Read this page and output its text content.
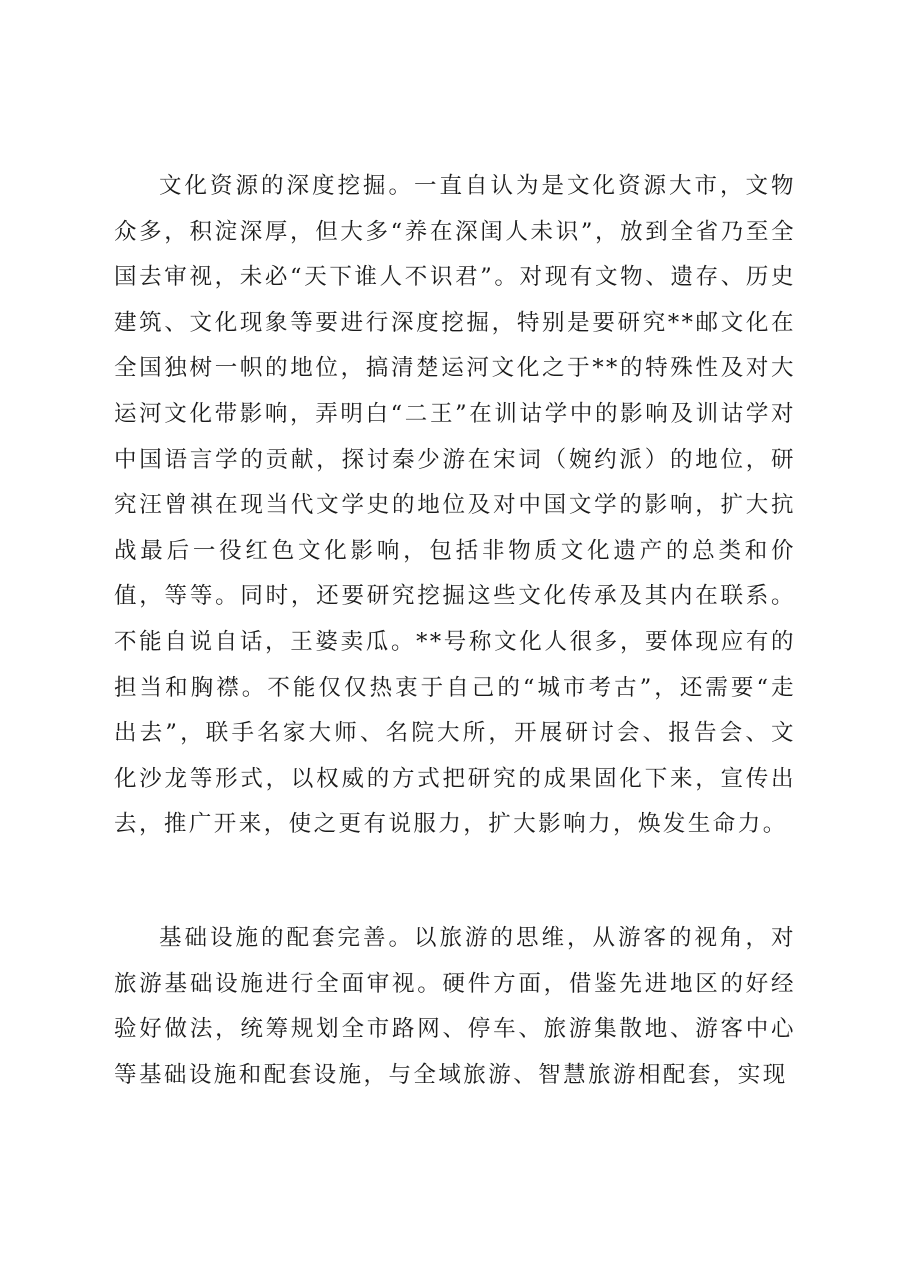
文化资源的深度挖掘。一直自认为是文化资源大市，文物众多，积淀深厚，但大多“养在深闺人未识”，放到全省乃至全国去审视，未必“天下谁人不识君”。对现有文物、遗存、历史建筑、文化现象等要进行深度挖掘，特别是要研究**邮文化在全国独树一帜的地位，搞清楚运河文化之于**的特殊性及对大运河文化带影响，弄明白“二王”在训诂学中的影响及训诂学对中国语言学的贡献，探讨秦少游在宋词（婉约派）的地位，研究汪曾祺在现当代文学史的地位及对中国文学的影响，扩大抗战最后一役红色文化影响，包括非物质文化遗产的总类和价值，等等。同时，还要研究挖掘这些文化传承及其内在联系。不能自说自话，王婆卖瓜。**号称文化人很多，要体现应有的担当和胸襟。不能仅仅热衷于自己的“城市考古”，还需要“走出去”，联手名家大师、名院大所，开展研讨会、报告会、文化沙龙等形式，以权威的方式把研究的成果固化下来，宣传出去，推广开来，使之更有说服力，扩大影响力，焕发生命力。

基础设施的配套完善。以旅游的思维，从游客的视角，对旅游基础设施进行全面审视。硬件方面，借鉴先进地区的好经验好做法，统筹规划全市路网、停车、旅游集散地、游客中心等基础设施和配套设施，与全域旅游、智慧旅游相配套，实现
